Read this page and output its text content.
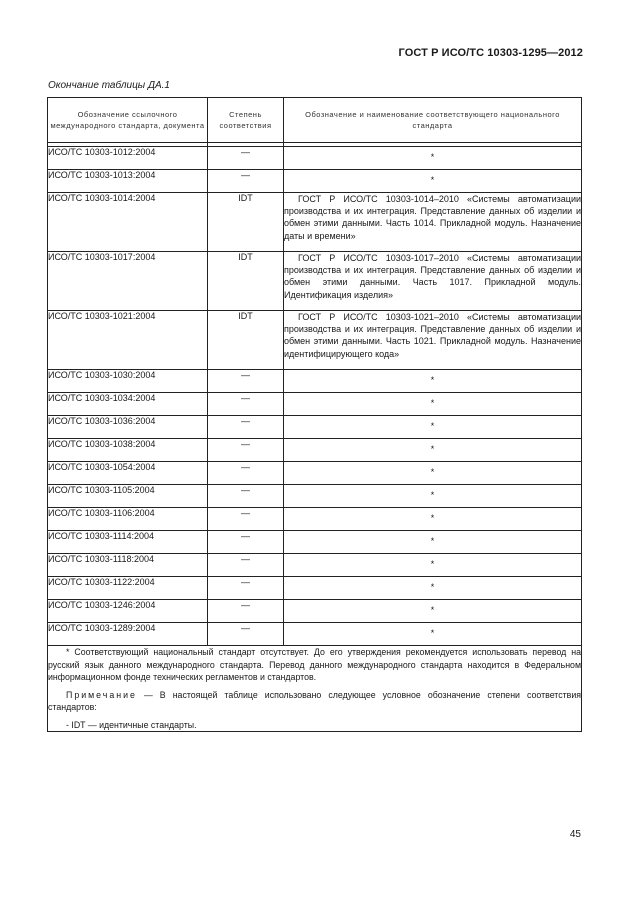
ГОСТ Р ИСО/ТС 10303-1295—2012
Окончание таблицы ДА.1
Обозначение ссылочного международного стандарта, документа	Степень соответствия	Обозначение и наименование соответствующего национального стандарта

ИСО/ТС 10303-1012:2004	—	*
ИСО/ТС 10303-1013:2004	—	*
ИСО/ТС 10303-1014:2004	IDT	ГОСТ Р ИСО/ТС 10303-1014–2010 «Системы автоматизации производства и их интеграция. Представление данных об изделии и обмен этими данными. Часть 1014. Прикладной модуль. Назначение даты и времени»
ИСО/ТС 10303-1017:2004	IDT	ГОСТ Р ИСО/ТС 10303-1017–2010 «Системы автоматизации производства и их интеграция. Представление данных об изделии и обмен этими данными. Часть 1017. Прикладной модуль. Идентификация изделия»
ИСО/ТС 10303-1021:2004	IDT	ГОСТ Р ИСО/ТС 10303-1021–2010 «Системы автоматизации производства и их интеграция. Представление данных об изделии и обмен этими данными. Часть 1021. Прикладной модуль. Назначение идентифицирующего кода»
ИСО/ТС 10303-1030:2004	—	*
ИСО/ТС 10303-1034:2004	—	*
ИСО/ТС 10303-1036:2004	—	*
ИСО/ТС 10303-1038:2004	—	*
ИСО/ТС 10303-1054:2004	—	*
ИСО/ТС 10303-1105:2004	—	*
ИСО/ТС 10303-1106:2004	—	*
ИСО/ТС 10303-1114:2004	—	*
ИСО/ТС 10303-1118:2004	—	*
ИСО/ТС 10303-1122:2004	—	*
ИСО/ТС 10303-1246:2004	—	*
ИСО/ТС 10303-1289:2004	—	*

* Соответствующий национальный стандарт отсутствует. До его утверждения рекомендуется использовать перевод на русский язык данного международного стандарта. Перевод данного международного стандарта находится в Федеральном информационном фонде технических регламентов и стандартов.

Примечание — В настоящей таблице использовано следующее условное обозначение степени соответствия стандартов:

- IDT — идентичные стандарты.		

45
